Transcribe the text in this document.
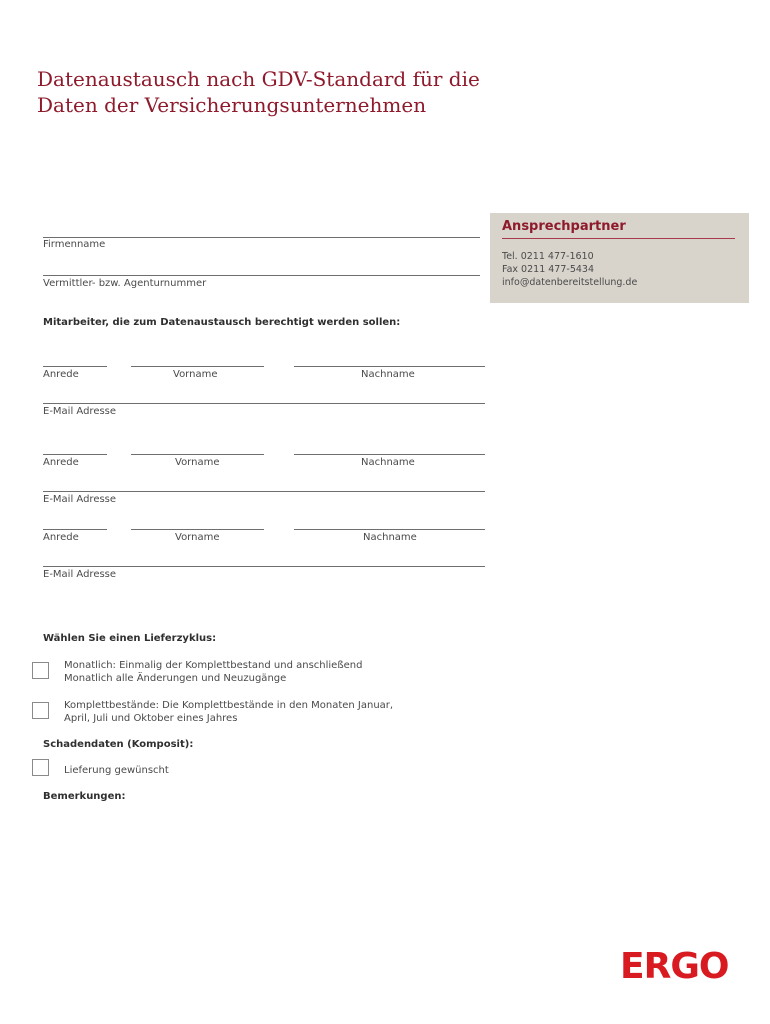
Datenaustausch nach GDV-Standard für die
Daten der Versicherungsunternehmen
Firmenname
Vermittler- bzw. Agenturnummer
Ansprechpartner
Tel. 0211 477-1610
Fax 0211 477-5434
info@datenbereitstellung.de
Mitarbeiter, die zum Datenaustausch berechtigt werden sollen:
Anrede	Vorname	Nachname
E-Mail Adresse
Anrede	Vorname	Nachname
E-Mail Adresse
Anrede	Vorname	Nachname
E-Mail Adresse
Wählen Sie einen Lieferzyklus:
Monatlich: Einmalig der Komplettbestand und anschließend
Monatlich alle Änderungen und Neuzugänge
Komplettbestände: Die Komplettbestände in den Monaten Januar,
April, Juli und Oktober eines Jahres
Schadendaten (Komposit):
Lieferung gewünscht
Bemerkungen:
ERGO
